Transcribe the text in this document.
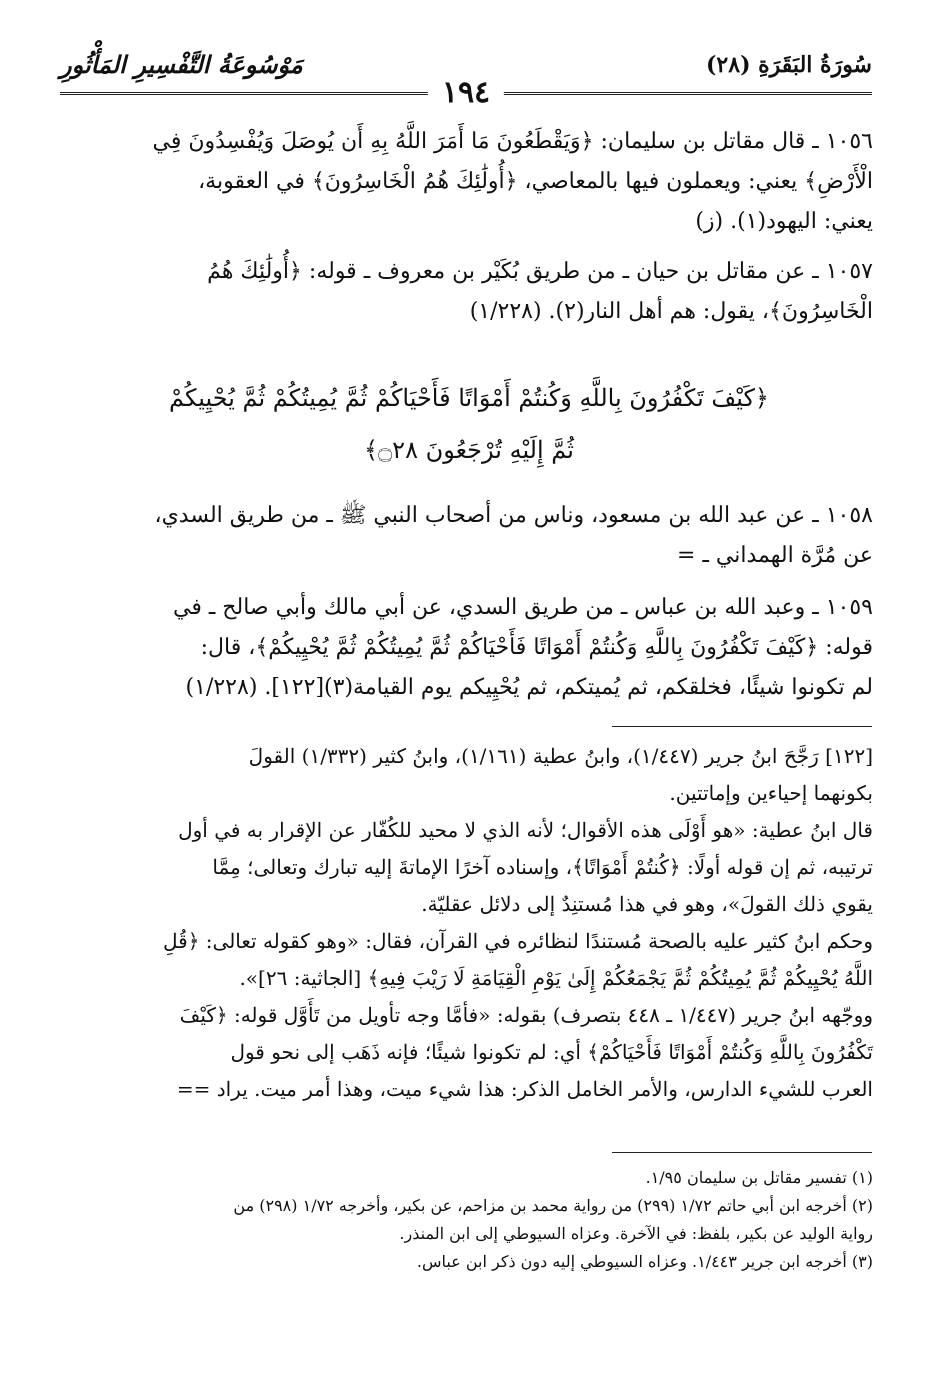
سُورَةُ البَقَرَةِ (٢٨)
مَوْسُوعَةُ التَّفْسِيرِ المَأْثُورِ
١٩٤

١٠٥٦ ـ قال مقاتل بن سليمان: ﴿وَيَقْطَعُونَ مَا أَمَرَ اللَّهُ بِهِ أَن يُوصَلَ وَيُفْسِدُونَ فِي

الْأَرْضِ﴾ يعني: ويعملون فيها بالمعاصي، ﴿أُولَٰئِكَ هُمُ الْخَاسِرُونَ﴾ في العقوبة،

يعني: اليهود(١). (ز)

١٠٥٧ ـ عن مقاتل بن حيان ـ من طريق بُكَيْر بن معروف ـ قوله: ﴿أُولَٰئِكَ هُمُ

الْخَاسِرُونَ﴾، يقول: هم أهل النار(٢). (١/٢٢٨)

﴿كَيْفَ تَكْفُرُونَ بِاللَّهِ وَكُنتُمْ أَمْوَاتًا فَأَحْيَاكُمْ ثُمَّ يُمِيتُكُمْ ثُمَّ يُحْيِيكُمْ
ثُمَّ إِلَيْهِ تُرْجَعُونَ ۝٢٨﴾

١٠٥٨ ـ عن عبد الله بن مسعود، وناس من أصحاب النبي ﷺ ـ من طريق السدي،

عن مُرَّة الهمداني ـ =

١٠٥٩ ـ وعبد الله بن عباس ـ من طريق السدي، عن أبي مالك وأبي صالح ـ في

قوله: ﴿كَيْفَ تَكْفُرُونَ بِاللَّهِ وَكُنتُمْ أَمْوَاتًا فَأَحْيَاكُمْ ثُمَّ يُمِيتُكُمْ ثُمَّ يُحْيِيكُمْ﴾، قال:

لم تكونوا شيئًا، فخلقكم، ثم يُميتكم، ثم يُحْيِيكم يوم القيامة(٣)[١٢٢]. (١/٢٢٨)

[١٢٢] رَجَّحَ ابنُ جرير (١/٤٤٧)، وابنُ عطية (١/١٦١)، وابنُ كثير (١/٣٣٢) القولَ

بكونهما إحياءين وإماتتين.

قال ابنُ عطية: «هو أَوْلَى هذه الأقوال؛ لأنه الذي لا محيد للكُفّار عن الإقرار به في أول

ترتيبه، ثم إن قوله أولًا: ﴿كُنتُمْ أَمْوَاتًا﴾، وإسناده آخرًا الإماتةَ إليه تبارك وتعالى؛ مِمَّا

يقوي ذلك القولَ»، وهو في هذا مُستنِدٌ إلى دلائل عقليّة.

وحكم ابنُ كثير عليه بالصحة مُستندًا لنظائره في القرآن، فقال: «وهو كقوله تعالى: ﴿قُلِ

اللَّهُ يُحْيِيكُمْ ثُمَّ يُمِيتُكُمْ ثُمَّ يَجْمَعُكُمْ إِلَىٰ يَوْمِ الْقِيَامَةِ لَا رَيْبَ فِيهِ﴾ [الجاثية: ٢٦]».

ووجّهه ابنُ جرير (١/٤٤٧ ـ ٤٤٨ بتصرف) بقوله: «فأمَّا وجه تأويل من تَأَوَّل قوله: ﴿كَيْفَ

تَكْفُرُونَ بِاللَّهِ وَكُنتُمْ أَمْوَاتًا فَأَحْيَاكُمْ﴾ أي: لم تكونوا شيئًا؛ فإنه ذَهَب إلى نحو قول

العرب للشيء الدارس، والأمر الخامل الذكر: هذا شيء ميت، وهذا أمر ميت. يراد ==

(١) تفسير مقاتل بن سليمان ١/٩٥.

(٢) أخرجه ابن أبي حاتم ١/٧٢ (٢٩٩) من رواية محمد بن مزاحم، عن بكير، وأخرجه ١/٧٢ (٢٩٨) من

رواية الوليد عن بكير، بلفظ: في الآخرة. وعزاه السيوطي إلى ابن المنذر.

(٣) أخرجه ابن جرير ١/٤٤٣. وعزاه السيوطي إليه دون ذكر ابن عباس.
